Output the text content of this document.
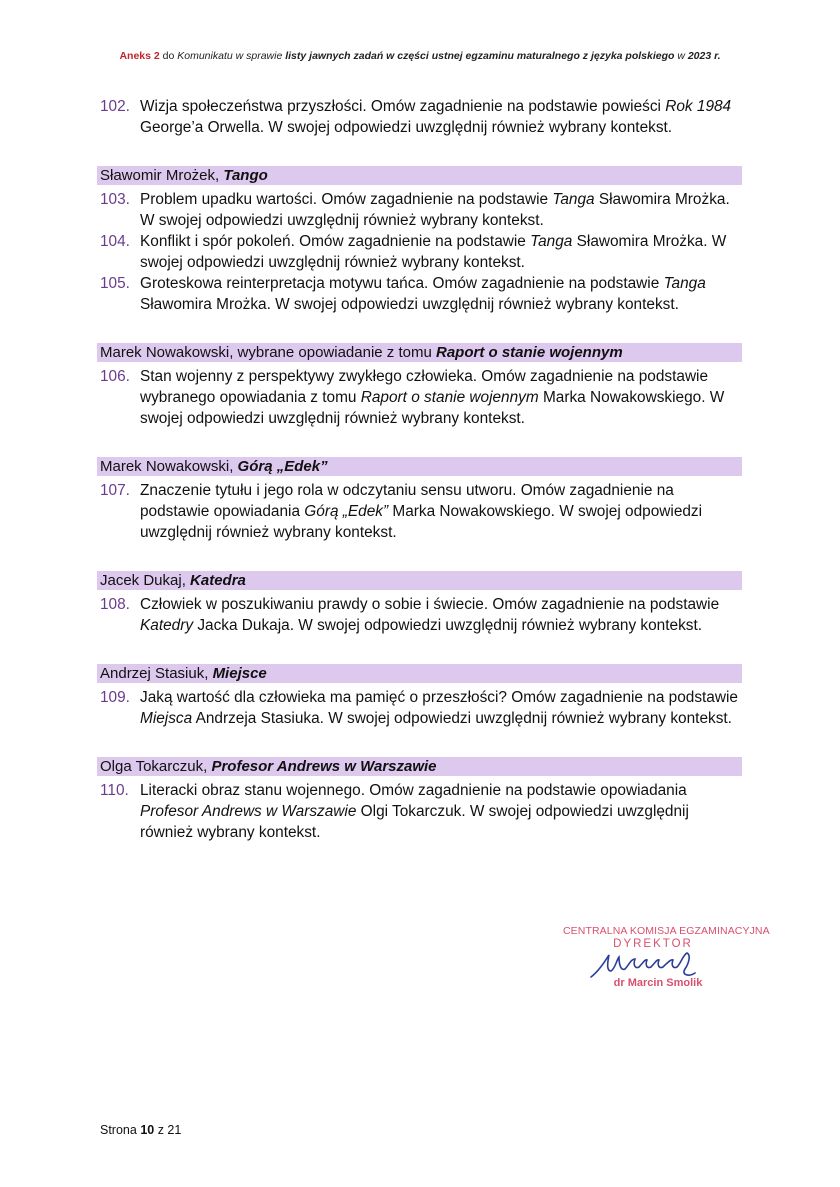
Aneks 2 do Komunikatu w sprawie listy jawnych zadań w części ustnej egzaminu maturalnego z języka polskiego w 2023 r.
102. Wizja społeczeństwa przyszłości. Omów zagadnienie na podstawie powieści Rok 1984 George’a Orwella. W swojej odpowiedzi uwzględnij również wybrany kontekst.
Sławomir Mrożek, Tango
103. Problem upadku wartości. Omów zagadnienie na podstawie Tanga Sławomira Mrożka. W swojej odpowiedzi uwzględnij również wybrany kontekst.
104. Konflikt i spór pokoleń. Omów zagadnienie na podstawie Tanga Sławomira Mrożka. W swojej odpowiedzi uwzględnij również wybrany kontekst.
105. Groteskowa reinterpretacja motywu tańca. Omów zagadnienie na podstawie Tanga Sławomira Mrożka. W swojej odpowiedzi uwzględnij również wybrany kontekst.
Marek Nowakowski, wybrane opowiadanie z tomu Raport o stanie wojennym
106. Stan wojenny z perspektywy zwykłego człowieka. Omów zagadnienie na podstawie wybranego opowiadania z tomu Raport o stanie wojennym Marka Nowakowskiego. W swojej odpowiedzi uwzględnij również wybrany kontekst.
Marek Nowakowski, Górą „Edek”
107. Znaczenie tytułu i jego rola w odczytaniu sensu utworu. Omów zagadnienie na podstawie opowiadania Górą „Edek” Marka Nowakowskiego. W swojej odpowiedzi uwzględnij również wybrany kontekst.
Jacek Dukaj, Katedra
108. Człowiek w poszukiwaniu prawdy o sobie i świecie. Omów zagadnienie na podstawie Katedry Jacka Dukaja. W swojej odpowiedzi uwzględnij również wybrany kontekst.
Andrzej Stasiuk, Miejsce
109. Jaką wartość dla człowieka ma pamięć o przeszłości? Omów zagadnienie na podstawie Miejsca Andrzeja Stasiuka. W swojej odpowiedzi uwzględnij również wybrany kontekst.
Olga Tokarczuk, Profesor Andrews w Warszawie
110. Literacki obraz stanu wojennego. Omów zagadnienie na podstawie opowiadania Profesor Andrews w Warszawie Olgi Tokarczuk. W swojej odpowiedzi uwzględnij również wybrany kontekst.
CENTRALNA KOMISJA EGZAMINACYJNA
DYREKTOR
dr Marcin Smolik
Strona 10 z 21
